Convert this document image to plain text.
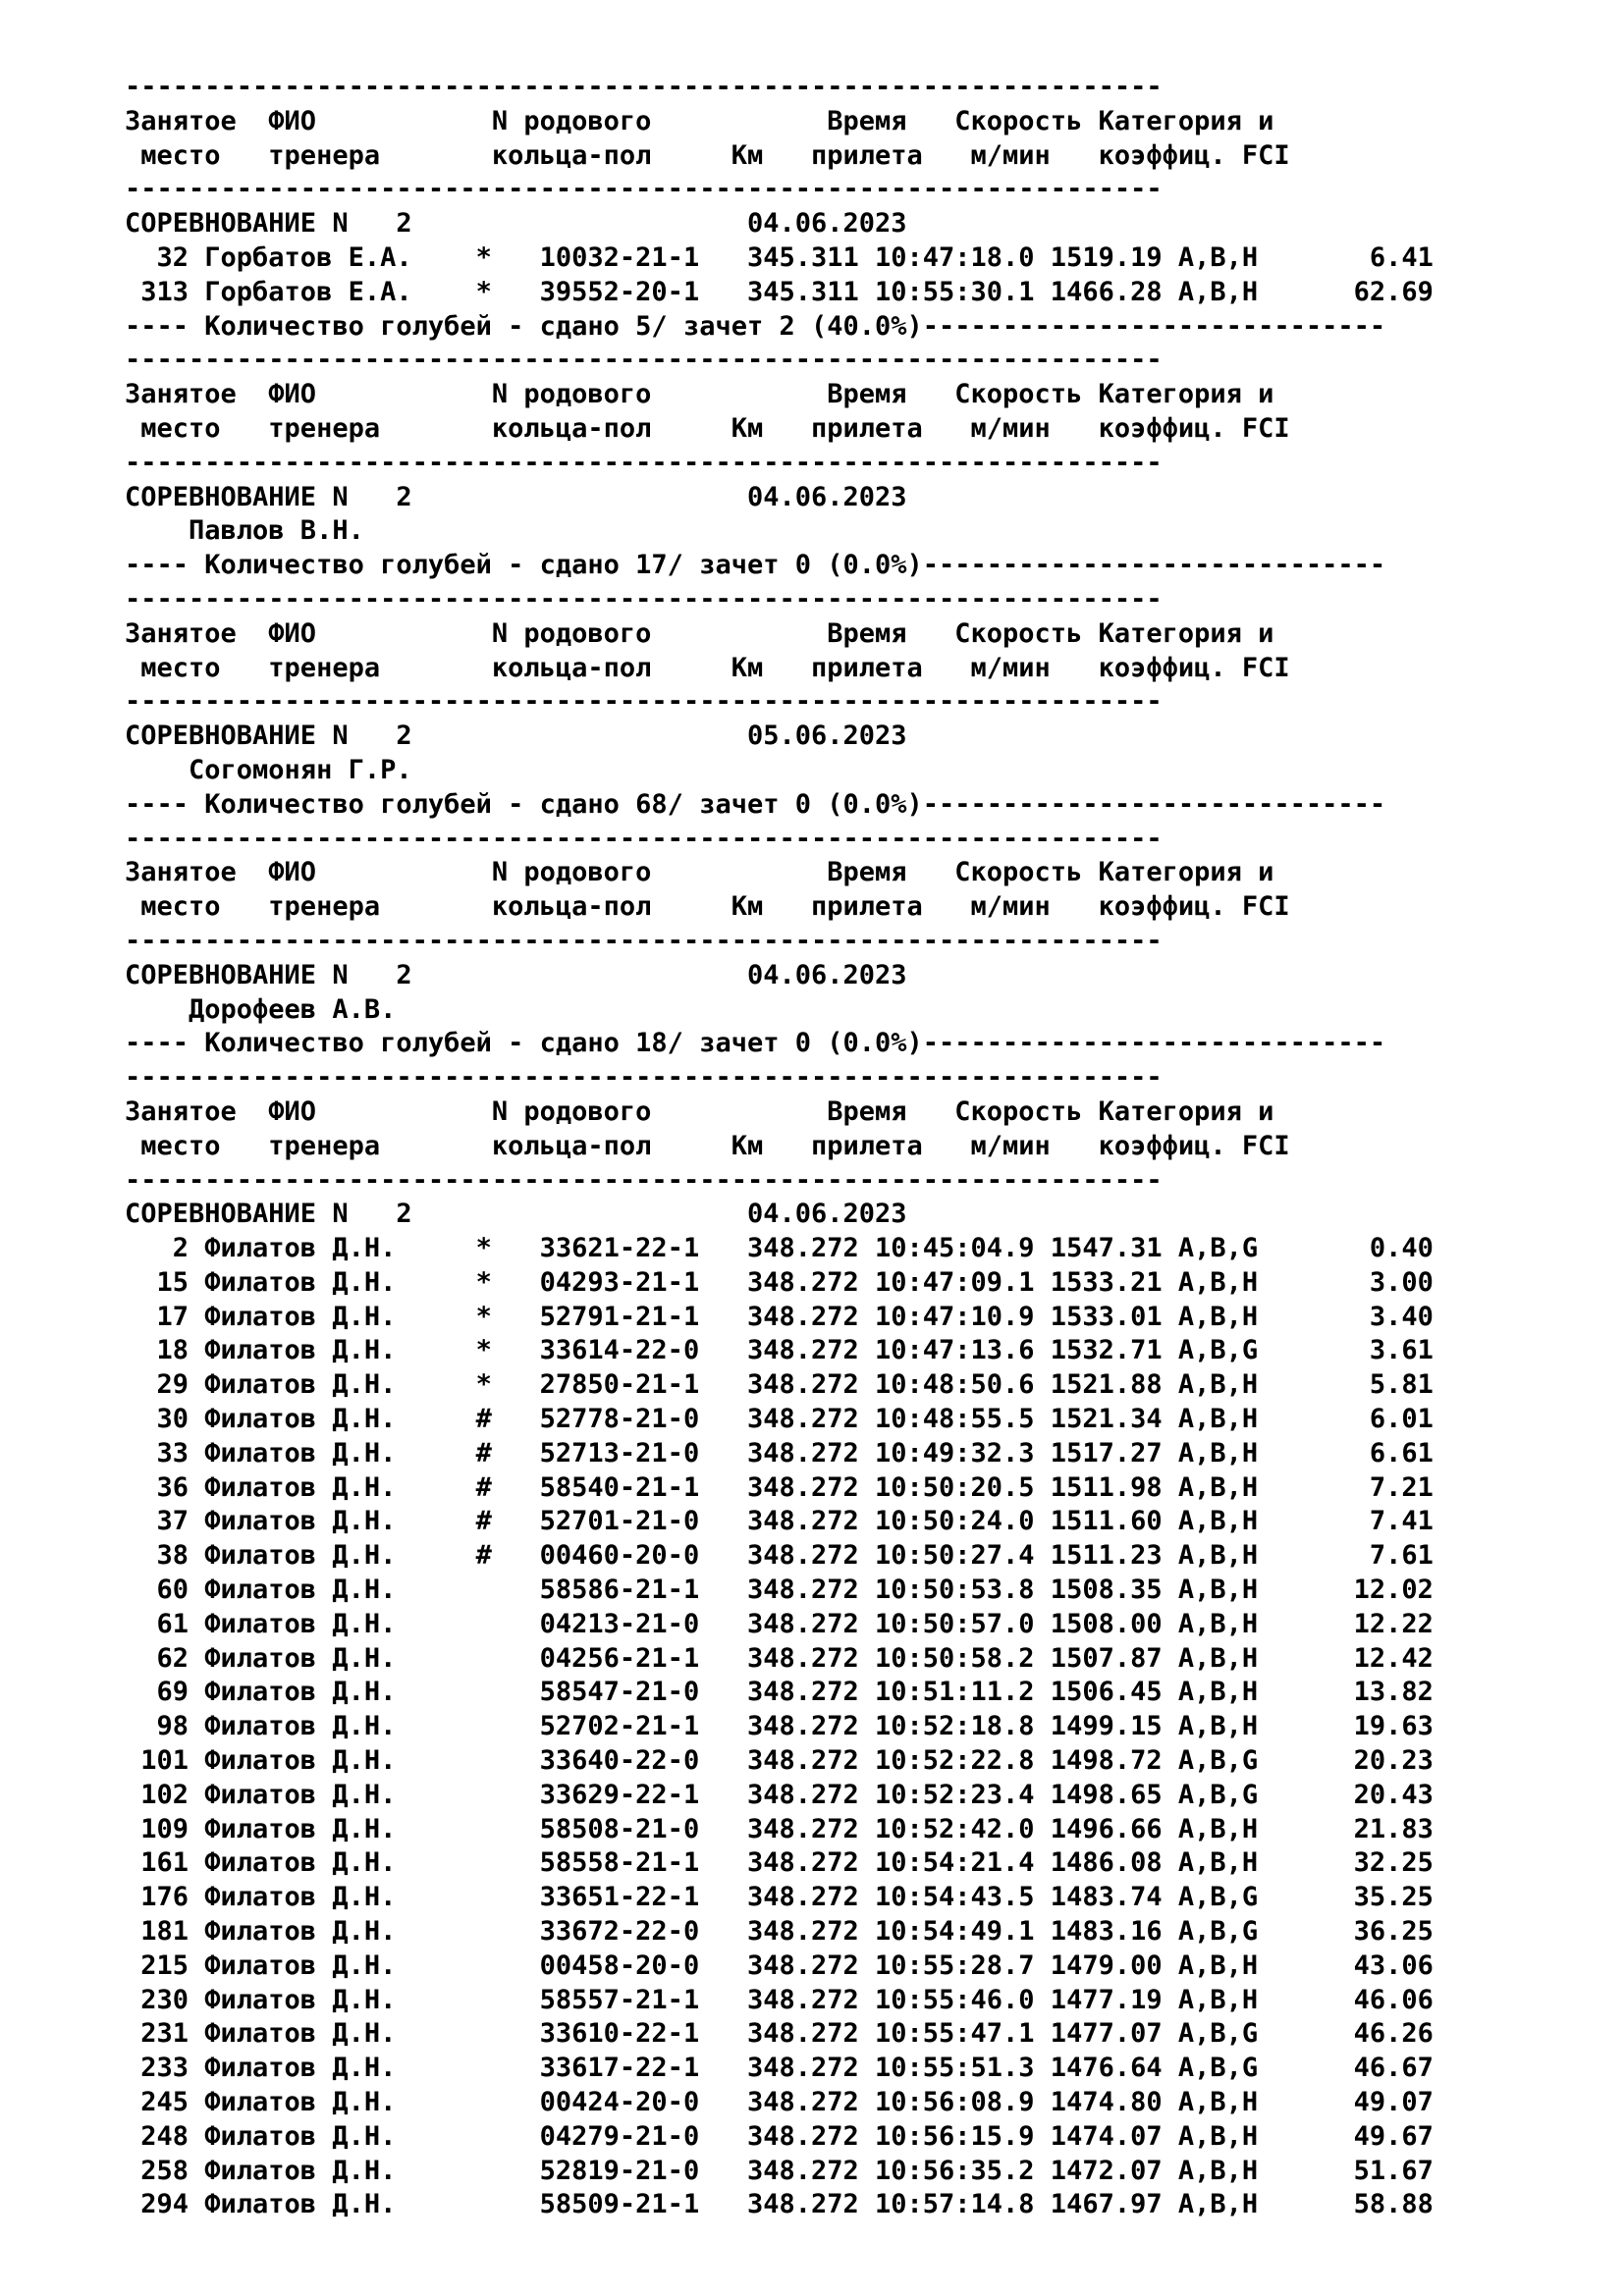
-----------------------------------------------------------------
Занятое  ФИО           N родового           Время   Скорость Категория и
место   тренера       кольца-пол     Км   прилета   м/мин   коэффиц. FCI
-----------------------------------------------------------------
СОРЕВНОВАНИЕ N   2                     04.06.2023
32 Горбатов Е.А.    *   10032-21-1   345.311 10:47:18.0 1519.19 A,B,H       6.41
313 Горбатов Е.А.    *   39552-20-1   345.311 10:55:30.1 1466.28 A,B,H      62.69
---- Количество голубей - сдано 5/ зачет 2 (40.0%)-----------------------------
-----------------------------------------------------------------
Занятое  ФИО           N родового           Время   Скорость Категория и
место   тренера       кольца-пол     Км   прилета   м/мин   коэффиц. FCI
-----------------------------------------------------------------
СОРЕВНОВАНИЕ N   2                     04.06.2023
Павлов В.Н.
---- Количество голубей - сдано 17/ зачет 0 (0.0%)-----------------------------
-----------------------------------------------------------------
Занятое  ФИО           N родового           Время   Скорость Категория и
место   тренера       кольца-пол     Км   прилета   м/мин   коэффиц. FCI
-----------------------------------------------------------------
СОРЕВНОВАНИЕ N   2                     05.06.2023
Согомонян Г.Р.
---- Количество голубей - сдано 68/ зачет 0 (0.0%)-----------------------------
-----------------------------------------------------------------
Занятое  ФИО           N родового           Время   Скорость Категория и
место   тренера       кольца-пол     Км   прилета   м/мин   коэффиц. FCI
-----------------------------------------------------------------
СОРЕВНОВАНИЕ N   2                     04.06.2023
Дорофеев А.В.
---- Количество голубей - сдано 18/ зачет 0 (0.0%)-----------------------------
-----------------------------------------------------------------
Занятое  ФИО           N родового           Время   Скорость Категория и
место   тренера       кольца-пол     Км   прилета   м/мин   коэффиц. FCI
-----------------------------------------------------------------
СОРЕВНОВАНИЕ N   2                     04.06.2023
2 Филатов Д.Н.     *   33621-22-1   348.272 10:45:04.9 1547.31 A,B,G       0.40
15 Филатов Д.Н.     *   04293-21-1   348.272 10:47:09.1 1533.21 A,B,H       3.00
17 Филатов Д.Н.     *   52791-21-1   348.272 10:47:10.9 1533.01 A,B,H       3.40
18 Филатов Д.Н.     *   33614-22-0   348.272 10:47:13.6 1532.71 A,B,G       3.61
29 Филатов Д.Н.     *   27850-21-1   348.272 10:48:50.6 1521.88 A,B,H       5.81
30 Филатов Д.Н.     #   52778-21-0   348.272 10:48:55.5 1521.34 A,B,H       6.01
33 Филатов Д.Н.     #   52713-21-0   348.272 10:49:32.3 1517.27 A,B,H       6.61
36 Филатов Д.Н.     #   58540-21-1   348.272 10:50:20.5 1511.98 A,B,H       7.21
37 Филатов Д.Н.     #   52701-21-0   348.272 10:50:24.0 1511.60 A,B,H       7.41
38 Филатов Д.Н.     #   00460-20-0   348.272 10:50:27.4 1511.23 A,B,H       7.61
60 Филатов Д.Н.         58586-21-1   348.272 10:50:53.8 1508.35 A,B,H      12.02
61 Филатов Д.Н.         04213-21-0   348.272 10:50:57.0 1508.00 A,B,H      12.22
62 Филатов Д.Н.         04256-21-1   348.272 10:50:58.2 1507.87 A,B,H      12.42
69 Филатов Д.Н.         58547-21-0   348.272 10:51:11.2 1506.45 A,B,H      13.82
98 Филатов Д.Н.         52702-21-1   348.272 10:52:18.8 1499.15 A,B,H      19.63
101 Филатов Д.Н.         33640-22-0   348.272 10:52:22.8 1498.72 A,B,G      20.23
102 Филатов Д.Н.         33629-22-1   348.272 10:52:23.4 1498.65 A,B,G      20.43
109 Филатов Д.Н.         58508-21-0   348.272 10:52:42.0 1496.66 A,B,H      21.83
161 Филатов Д.Н.         58558-21-1   348.272 10:54:21.4 1486.08 A,B,H      32.25
176 Филатов Д.Н.         33651-22-1   348.272 10:54:43.5 1483.74 A,B,G      35.25
181 Филатов Д.Н.         33672-22-0   348.272 10:54:49.1 1483.16 A,B,G      36.25
215 Филатов Д.Н.         00458-20-0   348.272 10:55:28.7 1479.00 A,B,H      43.06
230 Филатов Д.Н.         58557-21-1   348.272 10:55:46.0 1477.19 A,B,H      46.06
231 Филатов Д.Н.         33610-22-1   348.272 10:55:47.1 1477.07 A,B,G      46.26
233 Филатов Д.Н.         33617-22-1   348.272 10:55:51.3 1476.64 A,B,G      46.67
245 Филатов Д.Н.         00424-20-0   348.272 10:56:08.9 1474.80 A,B,H      49.07
248 Филатов Д.Н.         04279-21-0   348.272 10:56:15.9 1474.07 A,B,H      49.67
258 Филатов Д.Н.         52819-21-0   348.272 10:56:35.2 1472.07 A,B,H      51.67
294 Филатов Д.Н.         58509-21-1   348.272 10:57:14.8 1467.97 A,B,H      58.88
